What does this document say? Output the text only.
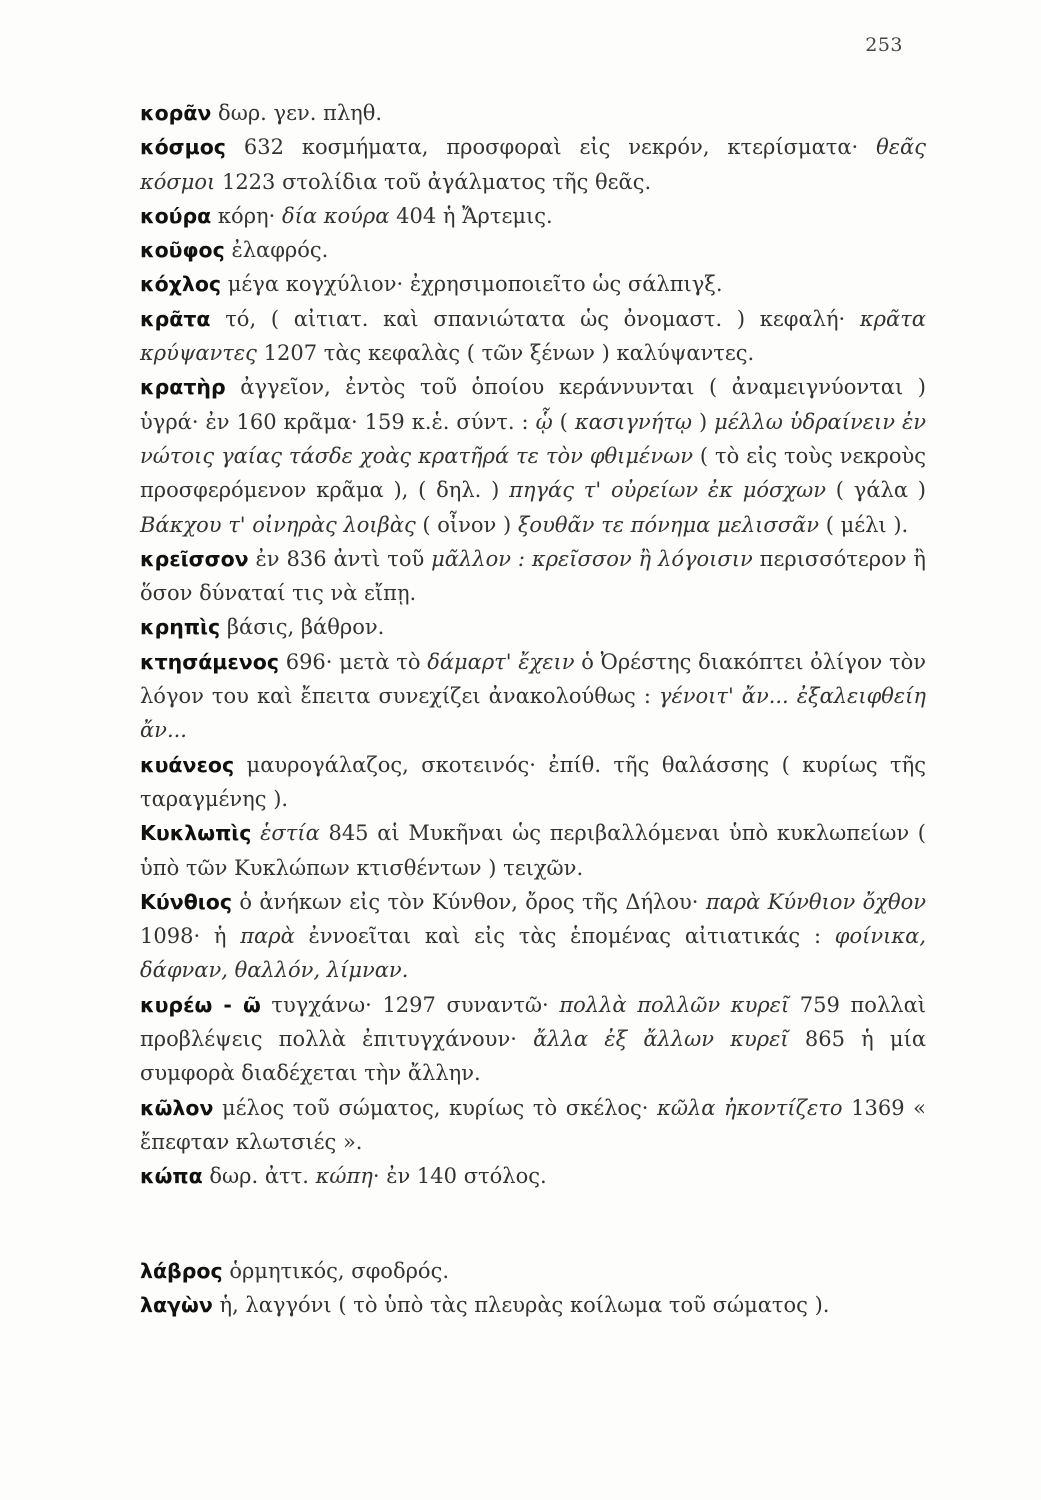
253

κορᾶν δωρ. γεν. πληθ.

κόσμος 632 κοσμήματα, προσφοραὶ εἰς νεκρόν, κτερίσματα· θεᾶς κόσμοι 1223 στολίδια τοῦ ἀγάλματος τῆς θεᾶς.

κούρα κόρη· δία κούρα 404 ἡ Ἄρτεμις.

κοῦφος ἐλαφρός.

κόχλος μέγα κογχύλιον· ἐχρησιμοποιεῖτο ὡς σάλπιγξ.

κρᾶτα τό, ( αἰτιατ. καὶ σπανιώτατα ὡς ὀνομαστ. ) κεφαλή· κρᾶτα κρύψαντες 1207 τὰς κεφαλὰς ( τῶν ξένων ) καλύψαντες.

κρατὴρ ἀγγεῖον, ἐντὸς τοῦ ὁποίου κεράννυνται ( ἀναμειγνύονται ) ὑγρά· ἐν 160 κρᾶμα· 159 κ.ἑ. σύντ. : ᾧ ( κασιγνήτῳ ) μέλλω ὑδραίνειν ἐν νώτοις γαίας τάσδε χοὰς κρατῆρά τε τὸν φθιμένων ( τὸ εἰς τοὺς νεκροὺς προσφερόμενον κρᾶμα ), ( δηλ. ) πηγάς τ' οὐρείων ἐκ μόσχων ( γάλα ) Βάκχου τ' οἰνηρὰς λοιβὰς ( οἶνον ) ξουθᾶν τε πόνημα μελισσᾶν ( μέλι ).

κρεῖσσον ἐν 836 ἀντὶ τοῦ μᾶλλον : κρεῖσσον ἢ λόγοισιν περισσότερον ἢ ὅσον δύναταί τις νὰ εἴπῃ.

κρηπὶς βάσις, βάθρον.

κτησάμενος 696· μετὰ τὸ δάμαρτ' ἔχειν ὁ Ὀρέστης διακόπτει ὀλίγον τὸν λόγον του καὶ ἔπειτα συνεχίζει ἀνακολούθως : γένοιτ' ἄν... ἐξαλειφθείη ἄν...

κυάνεος μαυρογάλαζος, σκοτεινός· ἐπίθ. τῆς θαλάσσης ( κυρίως τῆς ταραγμένης ).

Κυκλωπὶς ἑστία 845 αἱ Μυκῆναι ὡς περιβαλλόμεναι ὑπὸ κυκλωπείων ( ὑπὸ τῶν Κυκλώπων κτισθέντων ) τειχῶν.

Κύνθιος ὁ ἀνήκων εἰς τὸν Κύνθον, ὄρος τῆς Δήλου· παρὰ Κύνθιον ὄχθον 1098· ἡ παρὰ ἐννοεῖται καὶ εἰς τὰς ἑπομένας αἰτιατικάς : φοίνικα, δάφναν, θαλλόν, λίμναν.

κυρέω - ῶ τυγχάνω· 1297 συναντῶ· πολλὰ πολλῶν κυρεῖ 759 πολλαὶ προβλέψεις πολλὰ ἐπιτυγχάνουν· ἄλλα ἐξ ἄλλων κυρεῖ 865 ἡ μία συμφορὰ διαδέχεται τὴν ἄλλην.

κῶλον μέλος τοῦ σώματος, κυρίως τὸ σκέλος· κῶλα ἠκοντίζετο 1369 « ἔπεφταν κλωτσιές ».

κώπα δωρ. ἀττ. κώπη· ἐν 140 στόλος.

λάβρος ὁρμητικός, σφοδρός.

λαγὼν ἡ, λαγγόνι ( τὸ ὑπὸ τὰς πλευρὰς κοίλωμα τοῦ σώματος ).
